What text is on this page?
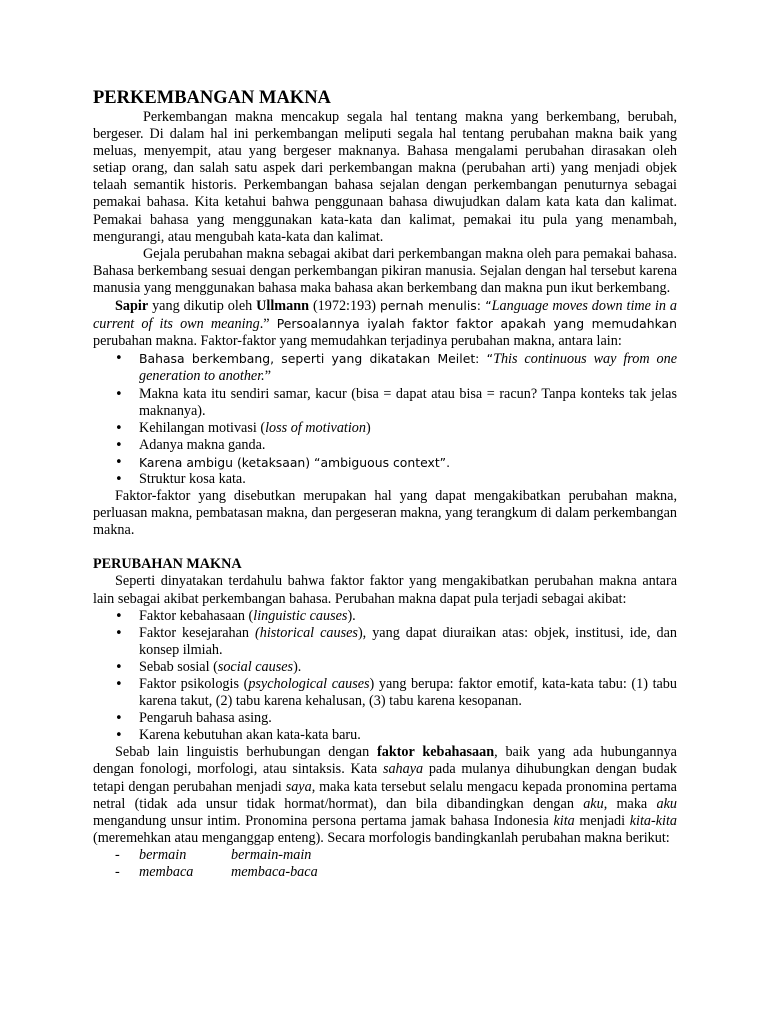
PERKEMBANGAN MAKNA

Perkembangan makna mencakup segala hal tentang makna yang berkembang, berubah, bergeser. Di dalam hal ini perkembangan meliputi segala hal tentang perubahan makna baik yang meluas, menyempit, atau yang bergeser maknanya. Bahasa mengalami perubahan dirasakan oleh setiap orang, dan salah satu aspek dari perkembangan makna (perubahan arti) yang menjadi objek telaah semantik historis. Perkembangan bahasa sejalan dengan perkembangan penuturnya sebagai pemakai bahasa. Kita ketahui bahwa penggunaan bahasa diwujudkan dalam kata kata dan kalimat. Pemakai bahasa yang menggunakan kata-kata dan kalimat, pemakai itu pula yang menambah, mengurangi, atau mengubah kata-kata dan kalimat.

Gejala perubahan makna sebagai akibat dari perkembangan makna oleh para pemakai bahasa. Bahasa berkembang sesuai dengan perkembangan pikiran manusia. Sejalan dengan hal tersebut karena manusia yang menggunakan bahasa maka bahasa akan berkembang dan makna pun ikut berkembang.

Sapir yang dikutip oleh Ullmann (1972:193) pernah menulis: “Language moves down time in a current of its own meaning.” Persoalannya iyalah faktor faktor apakah yang memudahkan perubahan makna. Faktor-faktor yang memudahkan terjadinya perubahan makna, antara lain:

• Bahasa berkembang, seperti yang dikatakan Meilet: “This continuous way from one generation to another.”
• Makna kata itu sendiri samar, kacur (bisa = dapat atau bisa = racun? Tanpa konteks tak jelas maknanya).
• Kehilangan motivasi (loss of motivation)
• Adanya makna ganda.
• Karena ambigu (ketaksaan) “ambiguous context”.
• Struktur kosa kata.

Faktor-faktor yang disebutkan merupakan hal yang dapat mengakibatkan perubahan makna, perluasan makna, pembatasan makna, dan pergeseran makna, yang terangkum di dalam perkembangan makna.

PERUBAHAN MAKNA

Seperti dinyatakan terdahulu bahwa faktor faktor yang mengakibatkan perubahan makna antara lain sebagai akibat perkembangan bahasa. Perubahan makna dapat pula terjadi sebagai akibat:

• Faktor kebahasaan (linguistic causes).
• Faktor kesejarahan (historical causes), yang dapat diuraikan atas: objek, institusi, ide, dan konsep ilmiah.
• Sebab sosial (social causes).
• Faktor psikologis (psychological causes) yang berupa: faktor emotif, kata-kata tabu: (1) tabu karena takut, (2) tabu karena kehalusan, (3) tabu karena kesopanan.
• Pengaruh bahasa asing.
• Karena kebutuhan akan kata-kata baru.

Sebab lain linguistis berhubungan dengan faktor kebahasaan, baik yang ada hubungannya dengan fonologi, morfologi, atau sintaksis. Kata sahaya pada mulanya dihubungkan dengan budak tetapi dengan perubahan menjadi saya, maka kata tersebut selalu mengacu kepada pronomina pertama netral (tidak ada unsur tidak hormat/hormat), dan bila dibandingkan dengan aku, maka aku mengandung unsur intim. Pronomina persona pertama jamak bahasa Indonesia kita menjadi kita-kita (meremehkan atau menganggap enteng). Secara morfologis bandingkanlah perubahan makna berikut:

-	bermain	bermain-main
-	membaca	membaca-baca
